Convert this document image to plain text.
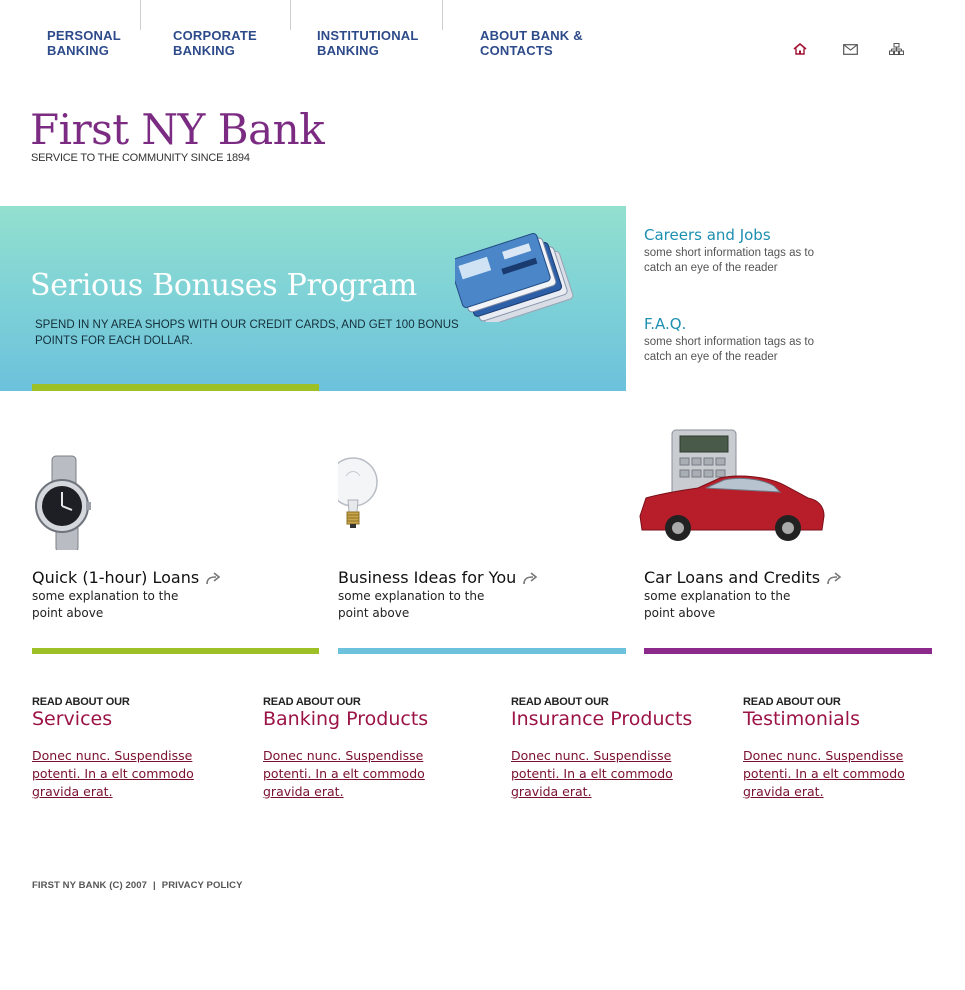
PERSONAL
BANKING
CORPORATE
BANKING
INSTITUTIONAL
BANKING
ABOUT BANK &
CONTACTS
First NY Bank
SERVICE TO THE COMMUNITY SINCE 1894
Serious Bonuses Program
SPEND IN NY AREA SHOPS WITH OUR CREDIT CARDS, AND GET 100 BONUS POINTS FOR EACH DOLLAR.
Careers and Jobs
some short information tags as to catch an eye of the reader
F.A.Q.
some short information tags as to catch an eye of the reader
Quick (1-hour) Loans
some explanation to the point above
Business Ideas for You
some explanation to the point above
Car Loans and Credits
some explanation to the point above
READ ABOUT OUR
Services
Donec nunc. Suspendisse potenti. In a elt commodo gravida erat.
READ ABOUT OUR
Banking Products
Donec nunc. Suspendisse potenti. In a elt commodo gravida erat.
READ ABOUT OUR
Insurance Products
Donec nunc. Suspendisse potenti. In a elt commodo gravida erat.
READ ABOUT OUR
Testimonials
Donec nunc. Suspendisse potenti. In a elt commodo gravida erat.
FIRST NY BANK (C) 2007 | PRIVACY POLICY
